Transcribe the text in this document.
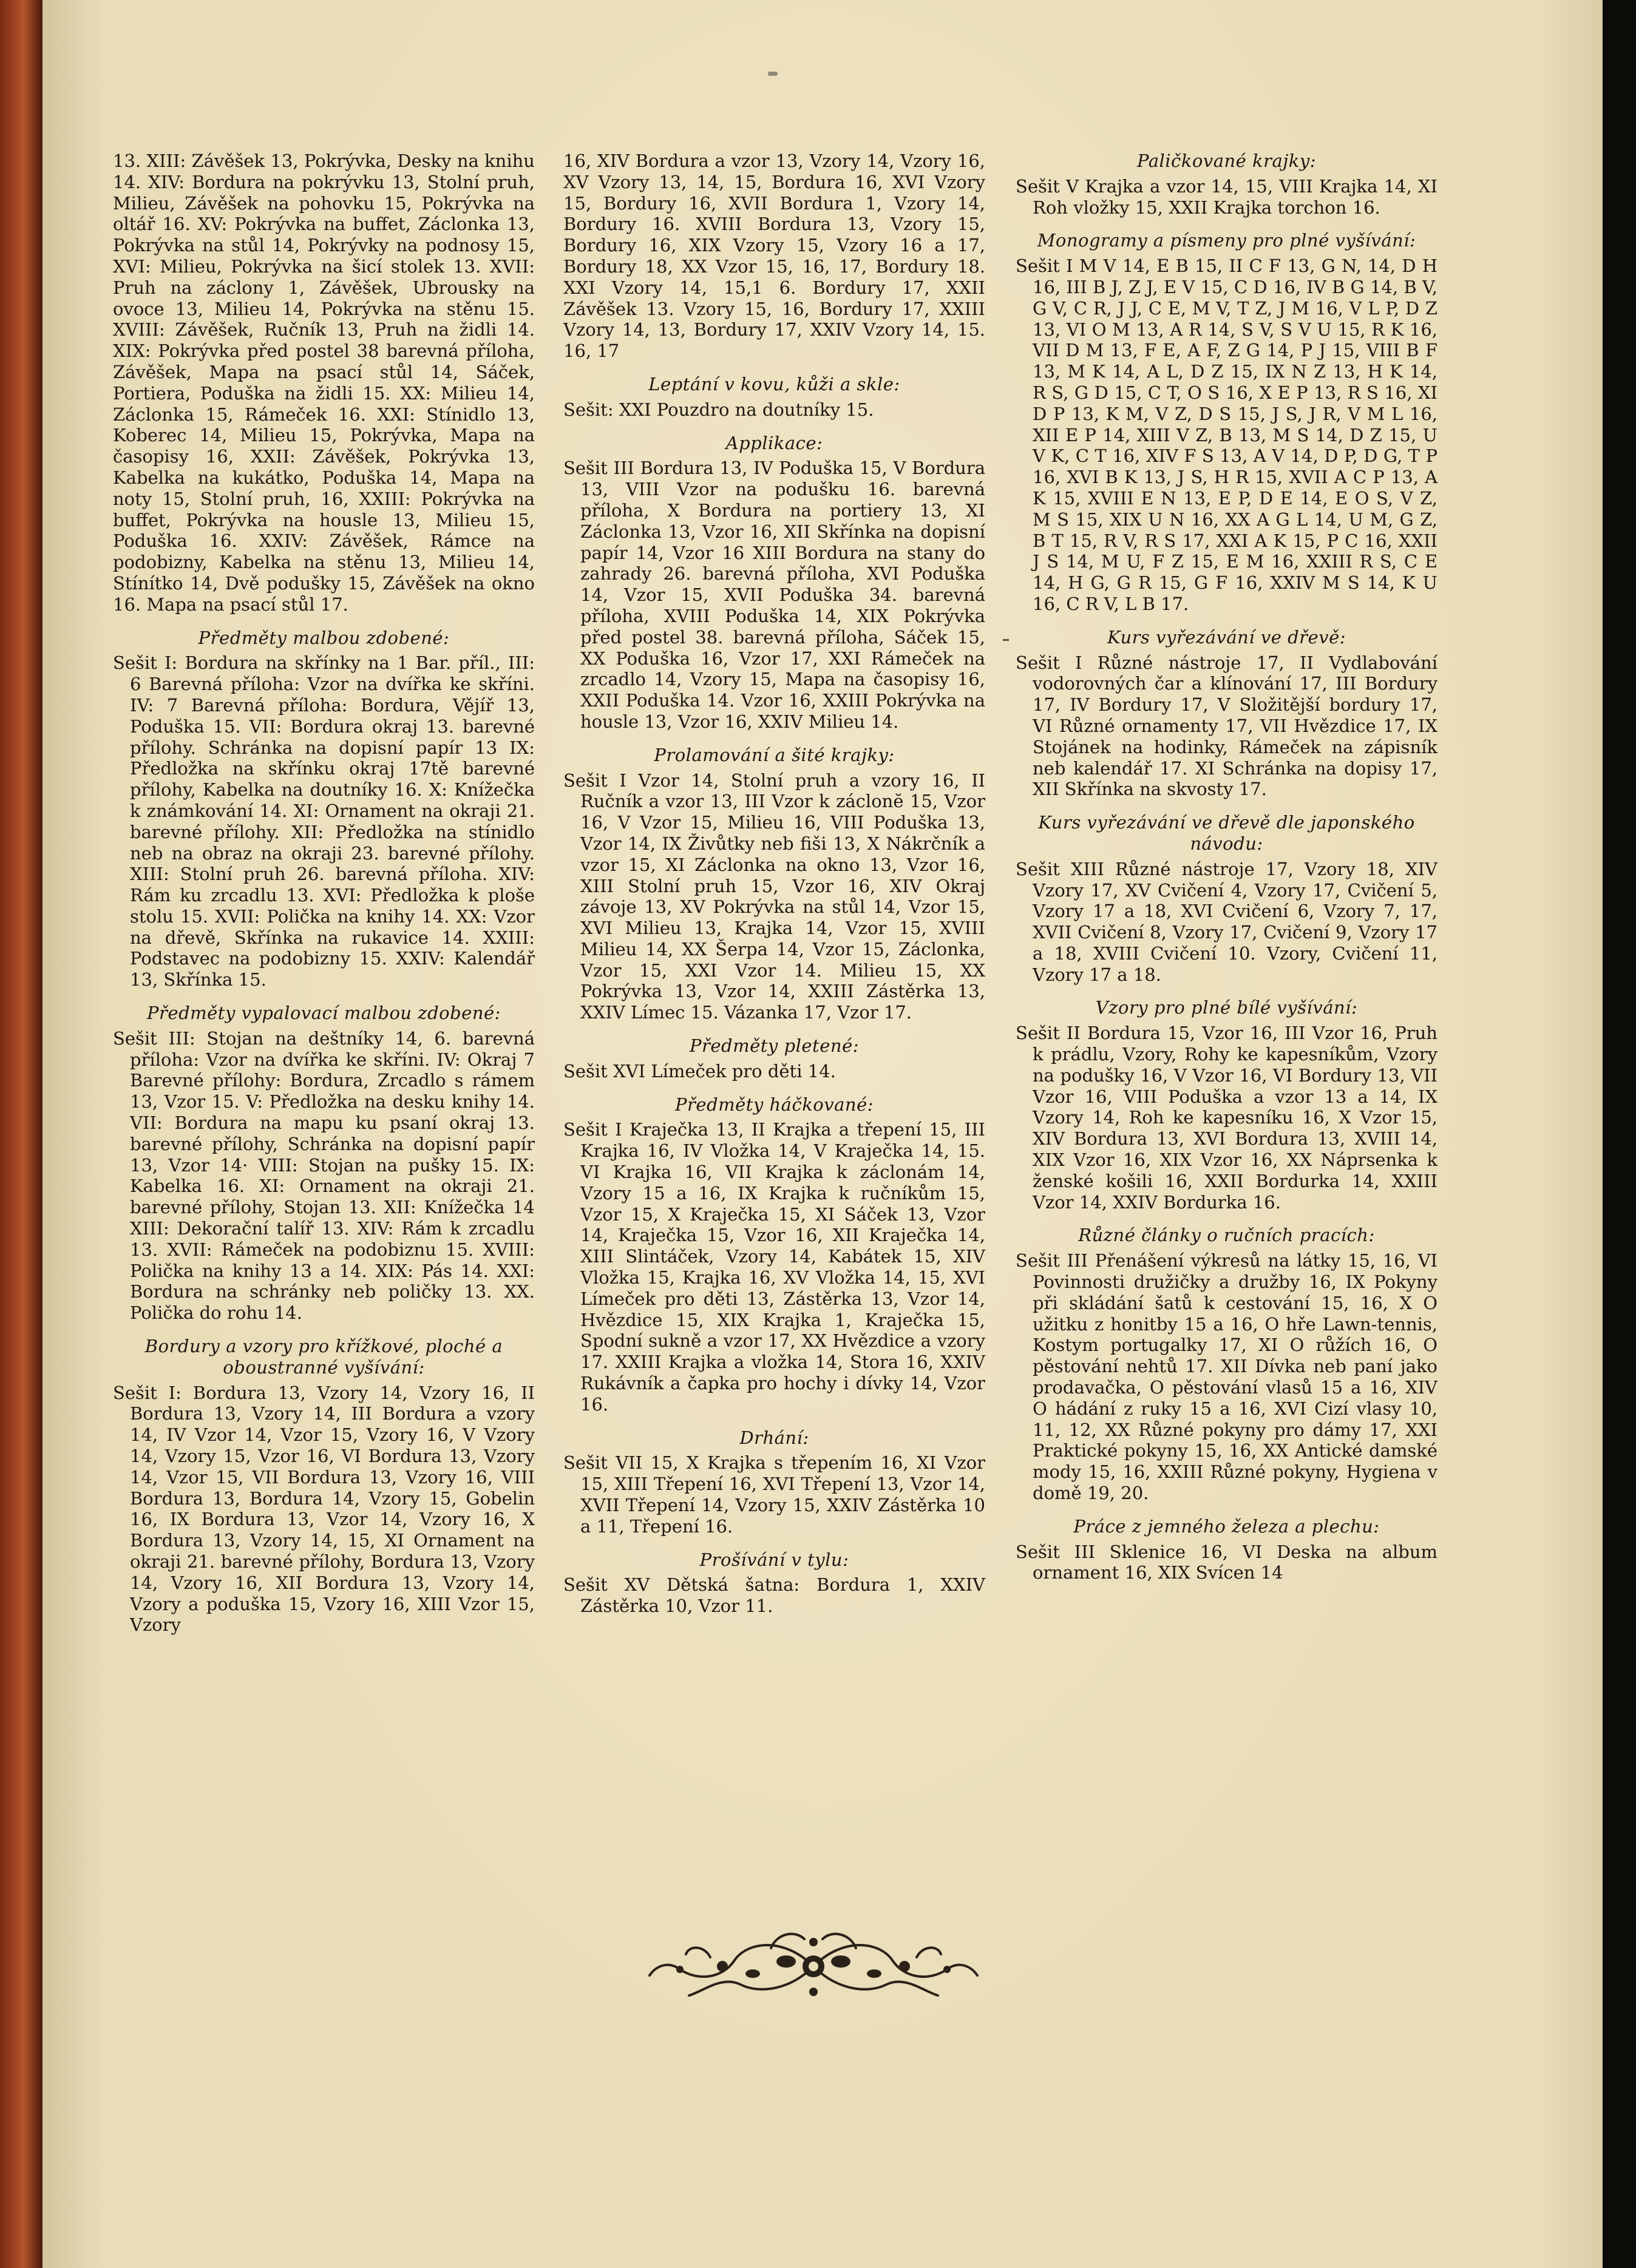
13. XIII: Závěšek 13, Pokrývka, Desky na knihu 14. XIV: Bordura na pokrývku 13, Stolní pruh, Milieu, Závěšek na pohovku 15, Pokrývka na oltář 16. XV: Pokrývka na buffet, Záclonka 13, Pokrývka na stůl 14, Pokrývky na podnosy 15, XVI: Milieu, Pokrývka na šicí stolek 13. XVII: Pruh na záclony 1, Závěšek, Ubrousky na ovoce 13, Milieu 14, Pokrývka na stěnu 15. XVIII: Závěšek, Ručník 13, Pruh na židli 14. XIX: Pokrývka před postel 38 barevná příloha, Závěšek, Mapa na psací stůl 14, Sáček, Portiera, Poduška na židli 15. XX: Milieu 14, Záclonka 15, Rámeček 16. XXI: Stínidlo 13, Koberec 14, Milieu 15, Pokrývka, Mapa na časopisy 16, XXII: Závěšek, Pokrývka 13, Kabelka na kukátko, Poduška 14, Mapa na noty 15, Stolní pruh, 16, XXIII: Pokrývka na buffet, Pokrývka na housle 13, Milieu 15, Poduška 16. XXIV: Závěšek, Rámce na podobizny, Kabelka na stěnu 13, Milieu 14, Stínítko 14, Dvě podušky 15, Závěšek na okno 16. Mapa na psací stůl 17.

Předměty malbou zdobené:

Sešit I: Bordura na skřínky na 1 Bar. příl., III: 6 Barevná příloha: Vzor na dvířka ke skříni. IV: 7 Barevná příloha: Bordura, Vějíř 13, Poduška 15. VII: Bordura okraj 13. barevné přílohy. Schránka na dopisní papír 13 IX: Předložka na skřínku okraj 17tě barevné přílohy, Kabelka na doutníky 16. X: Knížečka k známkování 14. XI: Ornament na okraji 21. barevné přílohy. XII: Předložka na stínidlo neb na obraz na okraji 23. barevné přílohy. XIII: Stolní pruh 26. barevná příloha. XIV: Rám ku zrcadlu 13. XVI: Předložka k ploše stolu 15. XVII: Polička na knihy 14. XX: Vzor na dřevě, Skřínka na rukavice 14. XXIII: Podstavec na podobizny 15. XXIV: Kalendář 13, Skřínka 15.

Předměty vypalovací malbou zdobené:

Sešit III: Stojan na deštníky 14, 6. barevná příloha: Vzor na dvířka ke skříni. IV: Okraj 7 Barevné přílohy: Bordura, Zrcadlo s rámem 13, Vzor 15. V: Předložka na desku knihy 14. VII: Bordura na mapu ku psaní okraj 13. barevné přílohy, Schránka na dopisní papír 13, Vzor 14· VIII: Stojan na pušky 15. IX: Kabelka 16. XI: Ornament na okraji 21. barevné přílohy, Stojan 13. XII: Knížečka 14 XIII: Dekorační talíř 13. XIV: Rám k zrcadlu 13. XVII: Rámeček na podobiznu 15. XVIII: Polička na knihy 13 a 14. XIX: Pás 14. XXI: Bordura na schránky neb poličky 13. XX. Polička do rohu 14.

Bordury a vzory pro křížkové, ploché a oboustranné vyšívání:

Sešit I: Bordura 13, Vzory 14, Vzory 16, II Bordura 13, Vzory 14, III Bordura a vzory 14, IV Vzor 14, Vzor 15, Vzory 16, V Vzory 14, Vzory 15, Vzor 16, VI Bordura 13, Vzory 14, Vzor 15, VII Bordura 13, Vzory 16, VIII Bordura 13, Bordura 14, Vzory 15, Gobelin 16, IX Bordura 13, Vzor 14, Vzory 16, X Bordura 13, Vzory 14, 15, XI Ornament na okraji 21. barevné přílohy, Bordura 13, Vzory 14, Vzory 16, XII Bordura 13, Vzory 14, Vzory a poduška 15, Vzory 16, XIII Vzor 15, Vzory

16, XIV Bordura a vzor 13, Vzory 14, Vzory 16, XV Vzory 13, 14, 15, Bordura 16, XVI Vzory 15, Bordury 16, XVII Bordura 1, Vzory 14, Bordury 16. XVIII Bordura 13, Vzory 15, Bordury 16, XIX Vzory 15, Vzory 16 a 17, Bordury 18, XX Vzor 15, 16, 17, Bordury 18. XXI Vzory 14, 15,1 6. Bordury 17, XXII Závěšek 13. Vzory 15, 16, Bordury 17, XXIII Vzory 14, 13, Bordury 17, XXIV Vzory 14, 15. 16, 17

Leptání v kovu, kůži a skle:

Sešit: XXI Pouzdro na doutníky 15.

Applikace:

Sešit III Bordura 13, IV Poduška 15, V Bordura 13, VIII Vzor na podušku 16. barevná příloha, X Bordura na portiery 13, XI Záclonka 13, Vzor 16, XII Skřínka na dopisní papír 14, Vzor 16 XIII Bordura na stany do zahrady 26. barevná příloha, XVI Poduška 14, Vzor 15, XVII Poduška 34. barevná příloha, XVIII Poduška 14, XIX Pokrývka před postel 38. barevná příloha, Sáček 15, XX Poduška 16, Vzor 17, XXI Rámeček na zrcadlo 14, Vzory 15, Mapa na časopisy 16, XXII Poduška 14. Vzor 16, XXIII Pokrývka na housle 13, Vzor 16, XXIV Milieu 14.

Prolamování a šité krajky:

Sešit I Vzor 14, Stolní pruh a vzory 16, II Ručník a vzor 13, III Vzor k záclonĕ 15, Vzor 16, V Vzor 15, Milieu 16, VIII Poduška 13, Vzor 14, IX Živůtky neb fiši 13, X Nákrčník a vzor 15, XI Záclonka na okno 13, Vzor 16, XIII Stolní pruh 15, Vzor 16, XIV Okraj závoje 13, XV Pokrývka na stůl 14, Vzor 15, XVI Milieu 13, Krajka 14, Vzor 15, XVIII Milieu 14, XX Šerpa 14, Vzor 15, Záclonka, Vzor 15, XXI Vzor 14. Milieu 15, XX Pokrývka 13, Vzor 14, XXIII Zástěrka 13, XXIV Límec 15. Vázanka 17, Vzor 17.

Předměty pletené:

Sešit XVI Límeček pro děti 14.

Předměty háčkované:

Sešit I Kraječka 13, II Krajka a třepení 15, III Krajka 16, IV Vložka 14, V Kraječka 14, 15. VI Krajka 16, VII Krajka k záclonám 14, Vzory 15 a 16, IX Krajka k ručníkům 15, Vzor 15, X Kraječka 15, XI Sáček 13, Vzor 14, Kraječka 15, Vzor 16, XII Kraječka 14, XIII Slintáček, Vzory 14, Kabátek 15, XIV Vložka 15, Krajka 16, XV Vložka 14, 15, XVI Límeček pro děti 13, Zástěrka 13, Vzor 14, Hvězdice 15, XIX Krajka 1, Kraječka 15, Spodní sukně a vzor 17, XX Hvězdice a vzory 17. XXIII Krajka a vložka 14, Stora 16, XXIV Rukávník a čapka pro hochy i dívky 14, Vzor 16.

Drhání:

Sešit VII 15, X Krajka s třepením 16, XI Vzor 15, XIII Třepení 16, XVI Třepení 13, Vzor 14, XVII Třepení 14, Vzory 15, XXIV Zástěrka 10 a 11, Třepení 16.

Prošívání v tylu:

Sešit XV Dětská šatna: Bordura 1, XXIV Zástěrka 10, Vzor 11.

Paličkované krajky:

Sešit V Krajka a vzor 14, 15, VIII Krajka 14, XI Roh vložky 15, XXII Krajka torchon 16.

Monogramy a písmeny pro plné vyšívání:

Sešit I M V 14, E B 15, II C F 13, G N, 14, D H 16, III B J, Z J, E V 15, C D 16, IV B G 14, B V, G V, C R, J J, C E, M V, T Z, J M 16, V L P, D Z 13, VI O M 13, A R 14, S V, S V U 15, R K 16, VII D M 13, F E, A F, Z G 14, P J 15, VIII B F 13, M K 14, A L, D Z 15, IX N Z 13, H K 14, R S, G D 15, C T, O S 16, X E P 13, R S 16, XI D P 13, K M, V Z, D S 15, J S, J R, V M L 16, XII E P 14, XIII V Z, B 13, M S 14, D Z 15, U V K, C T 16, XIV F S 13, A V 14, D P, D G, T P 16, XVI B K 13, J S, H R 15, XVII A C P 13, A K 15, XVIII E N 13, E P, D E 14, E O S, V Z, M S 15, XIX U N 16, XX A G L 14, U M, G Z, B T 15, R V, R S 17, XXI A K 15, P C 16, XXII J S 14, M U, F Z 15, E M 16, XXIII R S, C E 14, H G, G R 15, G F 16, XXIV M S 14, K U 16, C R V, L B 17.

Kurs vyřezávání ve dřevě:

Sešit I Různé nástroje 17, II Vydlabování vodorovných čar a klínování 17, III Bordury 17, IV Bordury 17, V Složitější bordury 17, VI Různé ornamenty 17, VII Hvězdice 17, IX Stojánek na hodinky, Rámeček na zápisník neb kalendář 17. XI Schránka na dopisy 17, XII Skřínka na skvosty 17.

Kurs vyřezávání ve dřevě dle japonského návodu:

Sešit XIII Různé nástroje 17, Vzory 18, XIV Vzory 17, XV Cvičení 4, Vzory 17, Cvičení 5, Vzory 17 a 18, XVI Cvičení 6, Vzory 7, 17, XVII Cvičení 8, Vzory 17, Cvičení 9, Vzory 17 a 18, XVIII Cvičení 10. Vzory, Cvičení 11, Vzory 17 a 18.

Vzory pro plné bílé vyšívání:

Sešit II Bordura 15, Vzor 16, III Vzor 16, Pruh k prádlu, Vzory, Rohy ke kapesníkům, Vzory na podušky 16, V Vzor 16, VI Bordury 13, VII Vzor 16, VIII Poduška a vzor 13 a 14, IX Vzory 14, Roh ke kapesníku 16, X Vzor 15, XIV Bordura 13, XVI Bordura 13, XVIII 14, XIX Vzor 16, XIX Vzor 16, XX Náprsenka k ženské košili 16, XXII Bordurka 14, XXIII Vzor 14, XXIV Bordurka 16.

Různé články o ručních pracích:

Sešit III Přenášení výkresů na látky 15, 16, VI Povinnosti družičky a družby 16, IX Pokyny při skládání šatů k cestování 15, 16, X O užitku z honitby 15 a 16, O hře Lawn-tennis, Kostym portugalky 17, XI O růžích 16, O pěstování nehtů 17. XII Dívka neb paní jako prodavačka, O pěstování vlasů 15 a 16, XIV O hádání z ruky 15 a 16, XVI Cizí vlasy 10, 11, 12, XX Různé pokyny pro dámy 17, XXI Praktické pokyny 15, 16, XX Antické damské mody 15, 16, XXIII Různé pokyny, Hygiena v domě 19, 20.

Práce z jemného železa a plechu:

Sešit III Sklenice 16, VI Deska na album ornament 16, XIX Svícen 14
